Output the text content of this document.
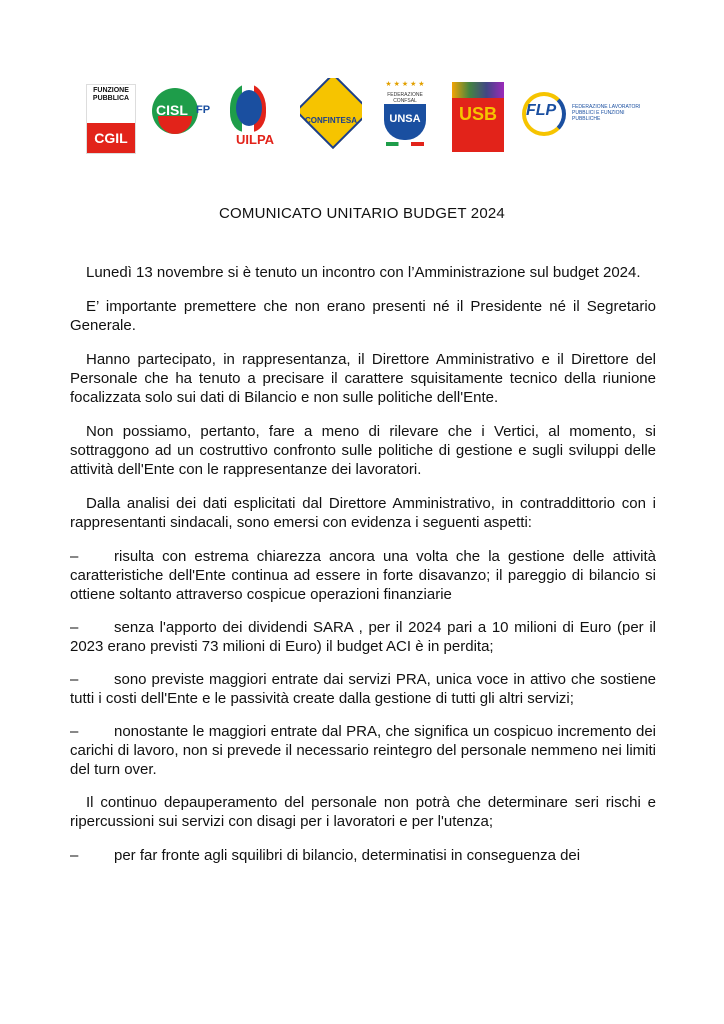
FUNZIONE PUBBLICA
CGIL
CISL FP
UILPA
CONFINTESA
★ ★ ★ ★ ★
FEDERAZIONE CONFSAL
UNSA	USB	FLP	FEDERAZIONE LAVORATORI PUBBLICI E FUNZIONI PUBBLICHE
COMUNICATO UNITARIO BUDGET 2024

Lunedì 13 novembre si è tenuto un incontro con l’Amministrazione sul budget 2024.

E’ importante premettere che non erano presenti né il Presidente né il Segretario Generale.

Hanno partecipato, in rappresentanza, il Direttore Amministrativo e il Direttore del Personale che ha tenuto a precisare il carattere squisitamente tecnico della riunione focalizzata solo sui dati di Bilancio e non sulle politiche dell'Ente.

Non possiamo, pertanto, fare a meno di rilevare che i Vertici, al momento, si sottraggono ad un costruttivo confronto sulle politiche di gestione e sugli sviluppi delle attività dell'Ente con le rappresentanze dei lavoratori.

Dalla analisi dei dati esplicitati dal Direttore Amministrativo, in contraddittorio con i rappresentanti sindacali, sono emersi con evidenza i seguenti aspetti:

– risulta con estrema chiarezza ancora una volta che la gestione delle attività caratteristiche dell'Ente continua ad essere in forte disavanzo; il pareggio di bilancio si ottiene soltanto attraverso cospicue operazioni finanziarie

– senza l'apporto dei dividendi SARA , per il 2024 pari a 10 milioni di Euro (per il 2023 erano previsti 73 milioni di Euro) il budget ACI è in perdita;

– sono previste maggiori entrate dai servizi PRA, unica voce in attivo che sostiene tutti i costi dell'Ente e le passività create dalla gestione di tutti gli altri servizi;

– nonostante le maggiori entrate dal PRA, che significa un cospicuo incremento dei carichi di lavoro, non si prevede il necessario reintegro del personale nemmeno nei limiti del turn over.

Il continuo depauperamento del personale non potrà che determinare seri rischi e ripercussioni sui servizi con disagi per i lavoratori e per l'utenza;

– per far fronte agli squilibri di bilancio, determinatisi in conseguenza dei
